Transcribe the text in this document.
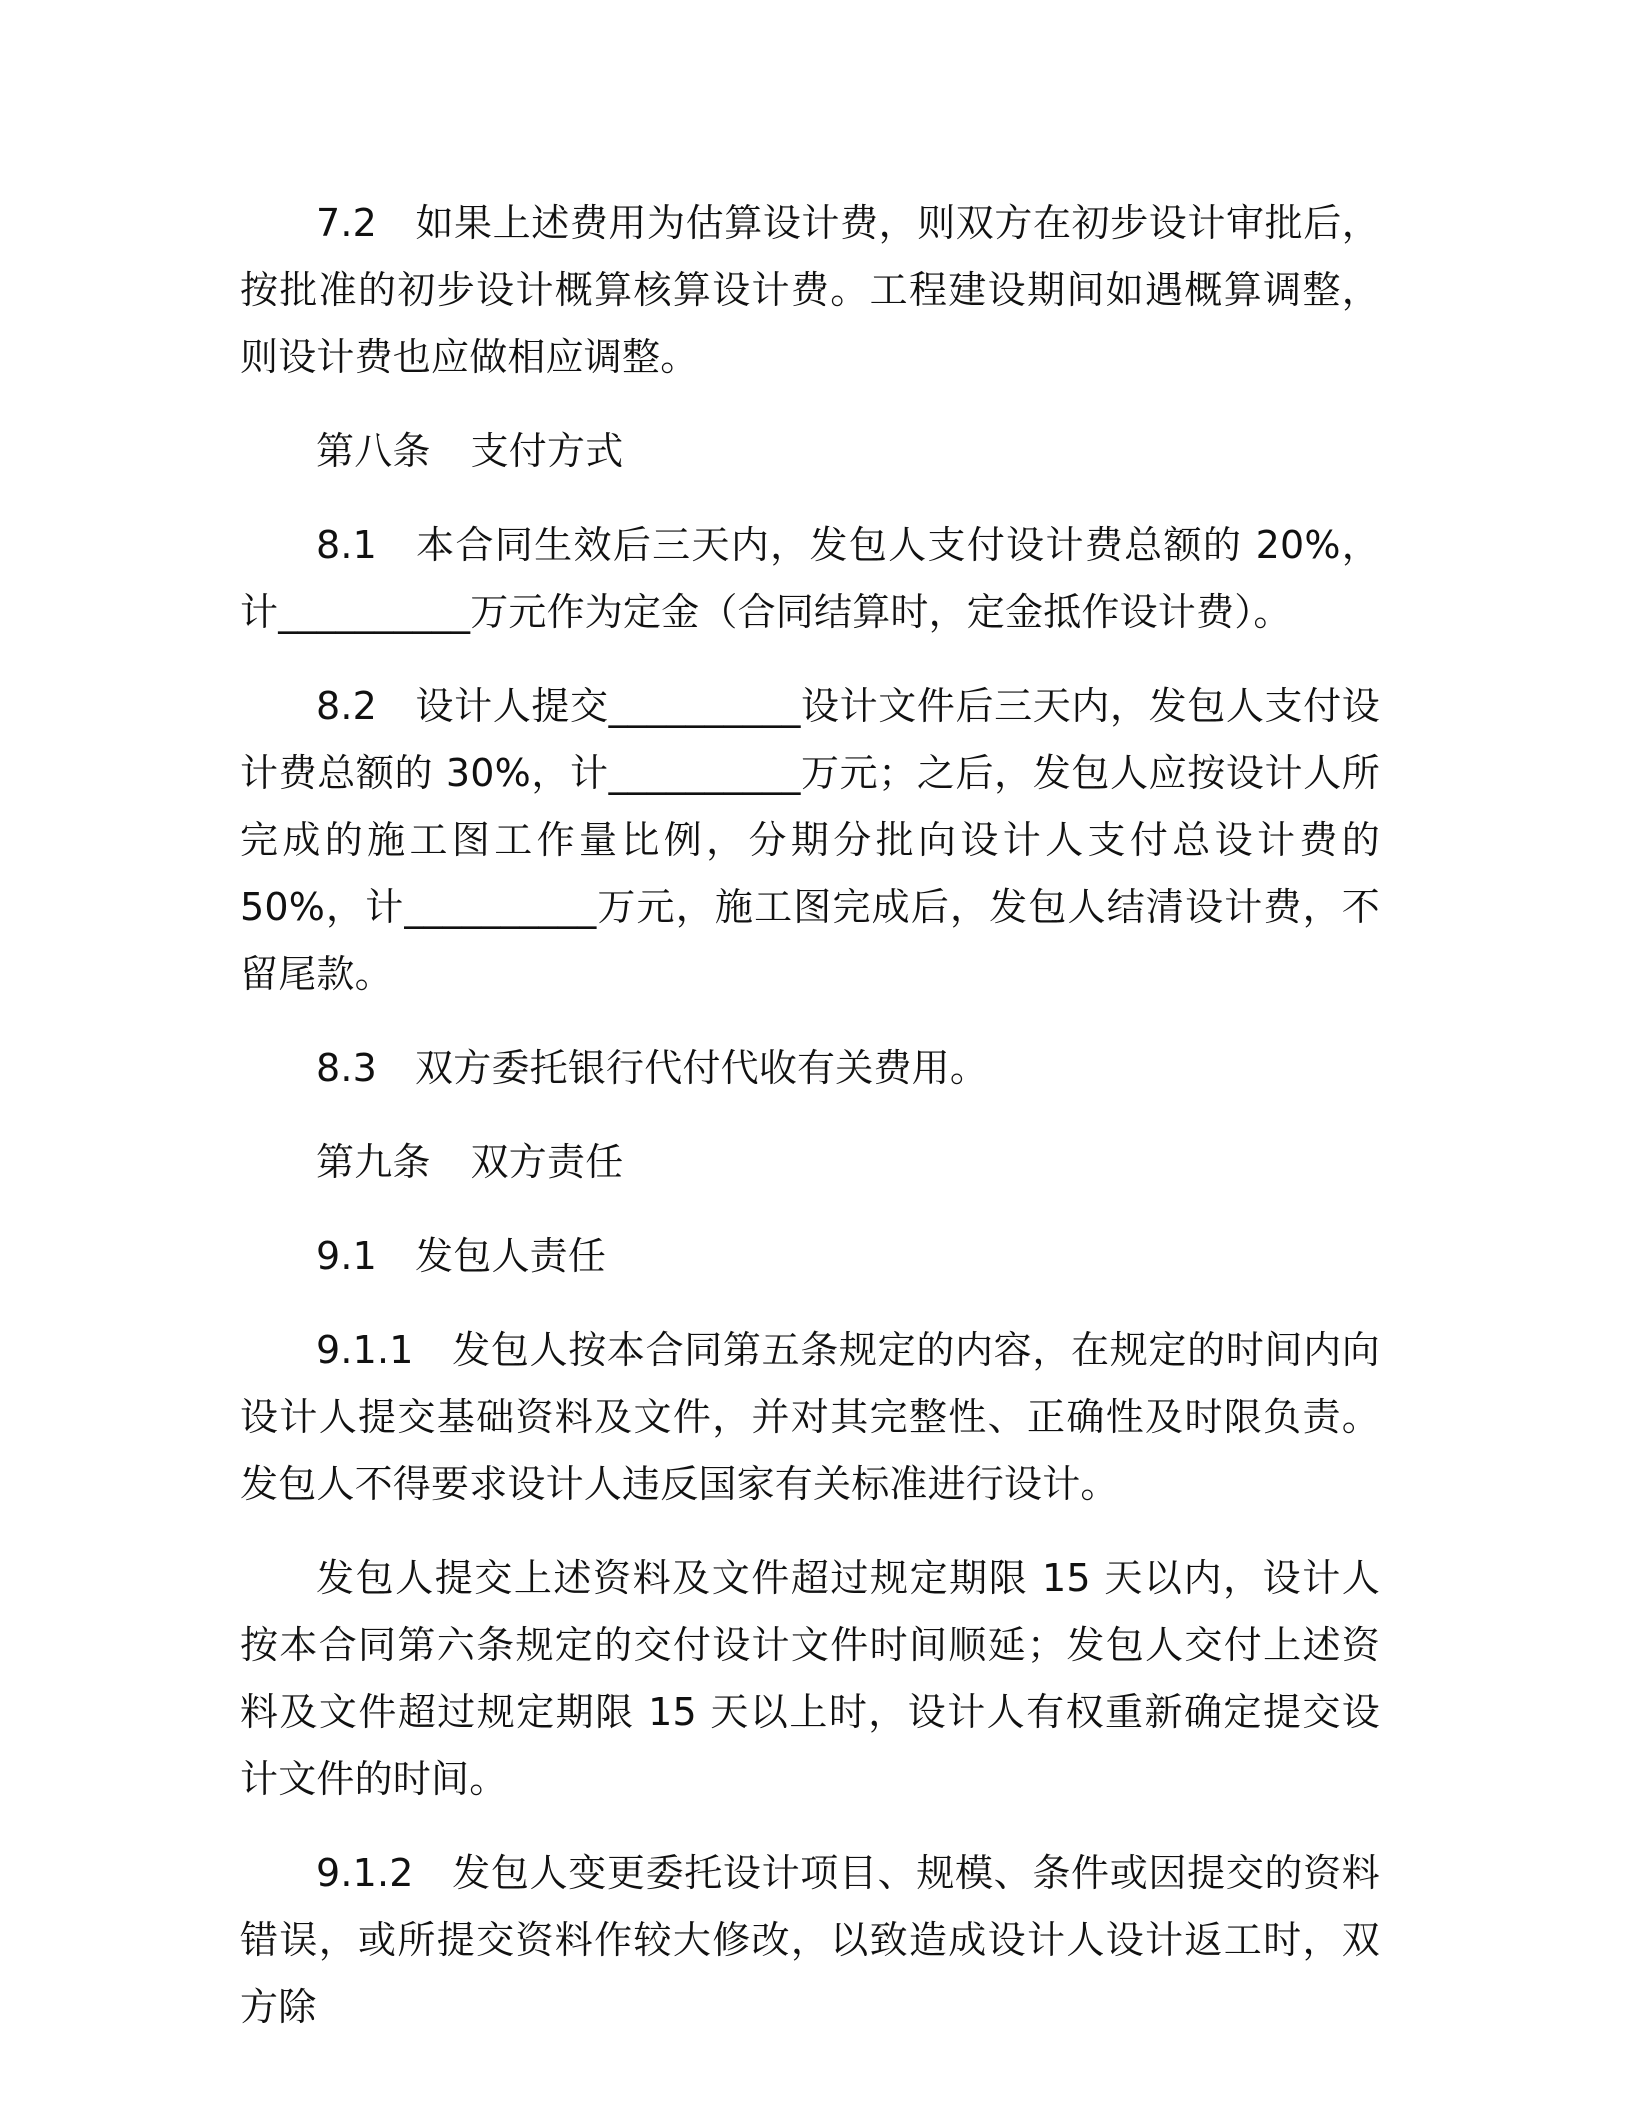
7.2 如果上述费用为估算设计费，则双方在初步设计审批后，按批准的初步设计概算核算设计费。工程建设期间如遇概算调整，则设计费也应做相应调整。

第八条 支付方式

8.1 本合同生效后三天内，发包人支付设计费总额的 20%，计__________万元作为定金（合同结算时，定金抵作设计费）。

8.2 设计人提交__________设计文件后三天内，发包人支付设计费总额的 30%，计__________万元；之后，发包人应按设计人所完成的施工图工作量比例，分期分批向设计人支付总设计费的 50%，计__________万元，施工图完成后，发包人结清设计费，不留尾款。

8.3 双方委托银行代付代收有关费用。

第九条 双方责任

9.1 发包人责任

9.1.1 发包人按本合同第五条规定的内容，在规定的时间内向设计人提交基础资料及文件，并对其完整性、正确性及时限负责。发包人不得要求设计人违反国家有关标准进行设计。

发包人提交上述资料及文件超过规定期限 15 天以内，设计人按本合同第六条规定的交付设计文件时间顺延；发包人交付上述资料及文件超过规定期限 15 天以上时，设计人有权重新确定提交设计文件的时间。

9.1.2 发包人变更委托设计项目、规模、条件或因提交的资料错误，或所提交资料作较大修改，以致造成设计人设计返工时，双方除
